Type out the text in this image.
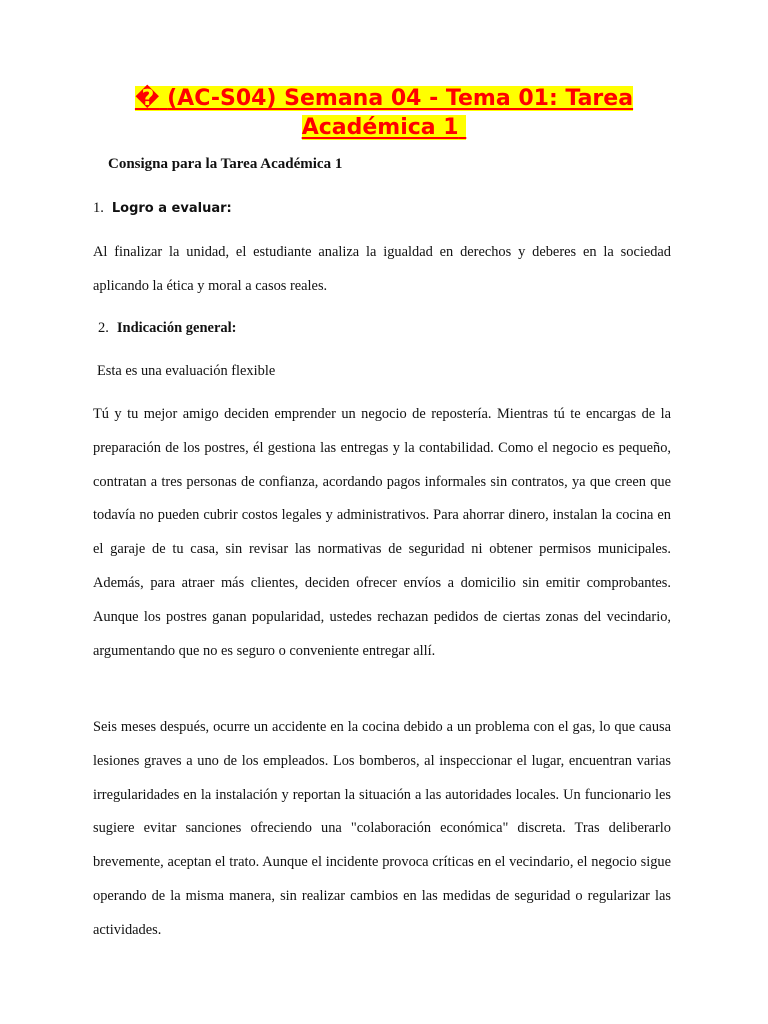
� (AC-S04) Semana 04 - Tema 01: Tarea Académica 1
Consigna para la Tarea Académica 1
1. Logro a evaluar:

Al finalizar la unidad, el estudiante analiza la igualdad en derechos y deberes en la sociedad aplicando la ética y moral a casos reales.

2. Indicación general:

Esta es una evaluación flexible

Tú y tu mejor amigo deciden emprender un negocio de repostería. Mientras tú te encargas de la preparación de los postres, él gestiona las entregas y la contabilidad. Como el negocio es pequeño, contratan a tres personas de confianza, acordando pagos informales sin contratos, ya que creen que todavía no pueden cubrir costos legales y administrativos. Para ahorrar dinero, instalan la cocina en el garaje de tu casa, sin revisar las normativas de seguridad ni obtener permisos municipales. Además, para atraer más clientes, deciden ofrecer envíos a domicilio sin emitir comprobantes. Aunque los postres ganan popularidad, ustedes rechazan pedidos de ciertas zonas del vecindario, argumentando que no es seguro o conveniente entregar allí.

Seis meses después, ocurre un accidente en la cocina debido a un problema con el gas, lo que causa lesiones graves a uno de los empleados. Los bomberos, al inspeccionar el lugar, encuentran varias irregularidades en la instalación y reportan la situación a las autoridades locales. Un funcionario les sugiere evitar sanciones ofreciendo una "colaboración económica" discreta. Tras deliberarlo brevemente, aceptan el trato. Aunque el incidente provoca críticas en el vecindario, el negocio sigue operando de la misma manera, sin realizar cambios en las medidas de seguridad o regularizar las actividades.
